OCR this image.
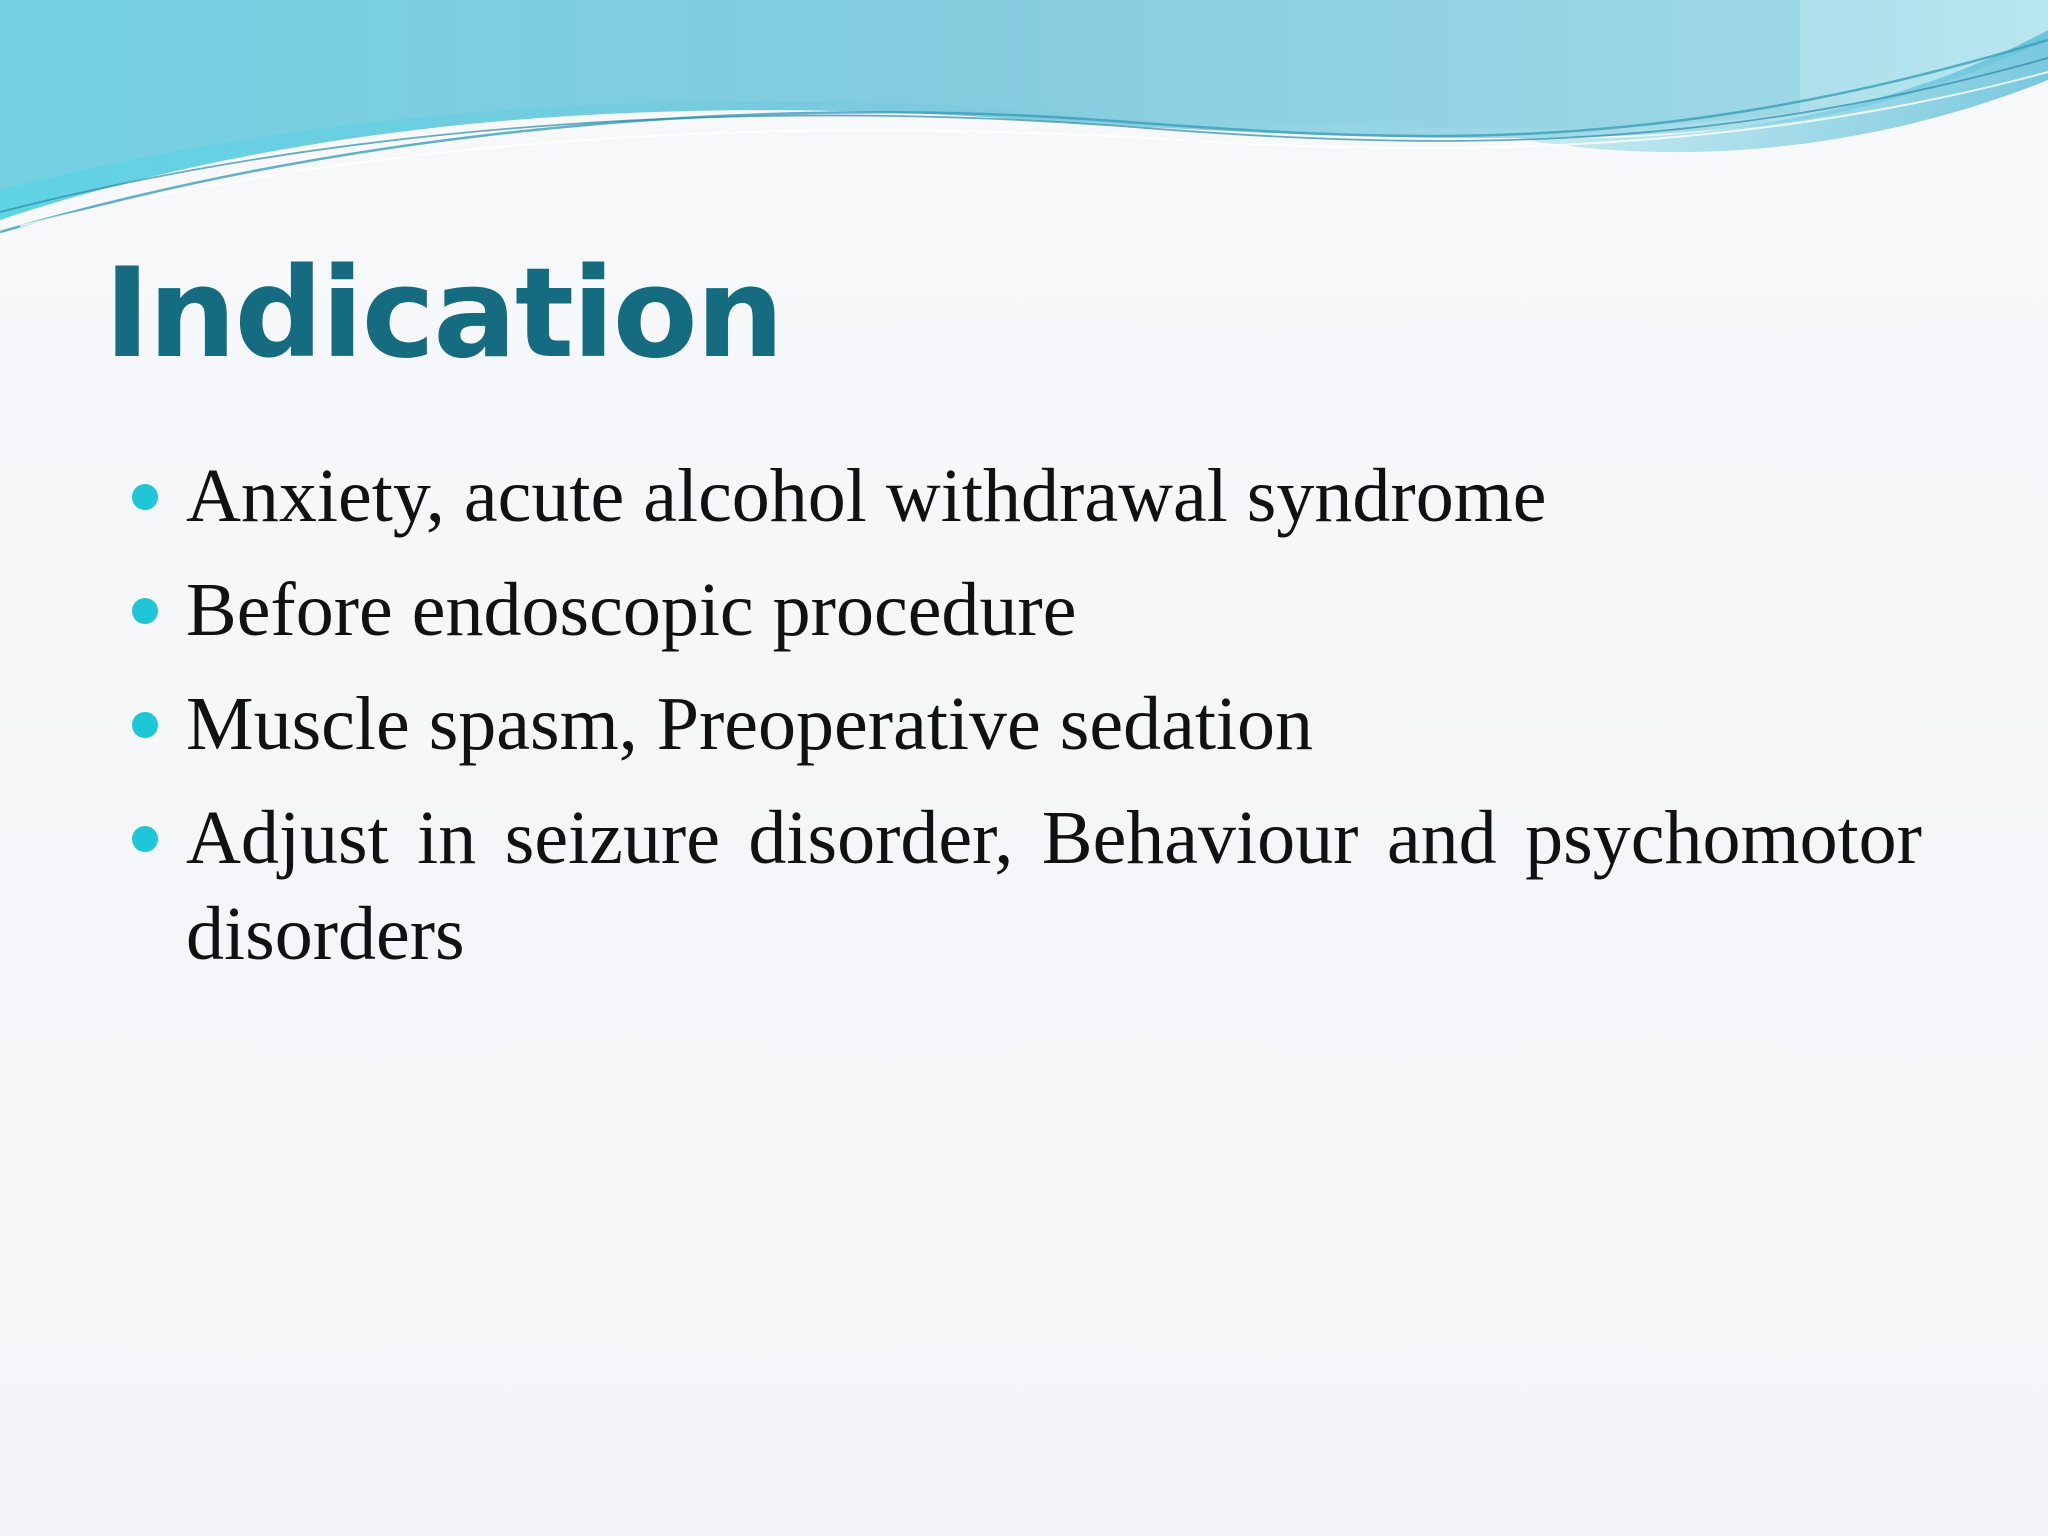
Indication
Anxiety, acute alcohol withdrawal syndrome
Before endoscopic procedure
Muscle spasm, Preoperative sedation
Adjust in seizure disorder, Behaviour and psychomotor disorders
